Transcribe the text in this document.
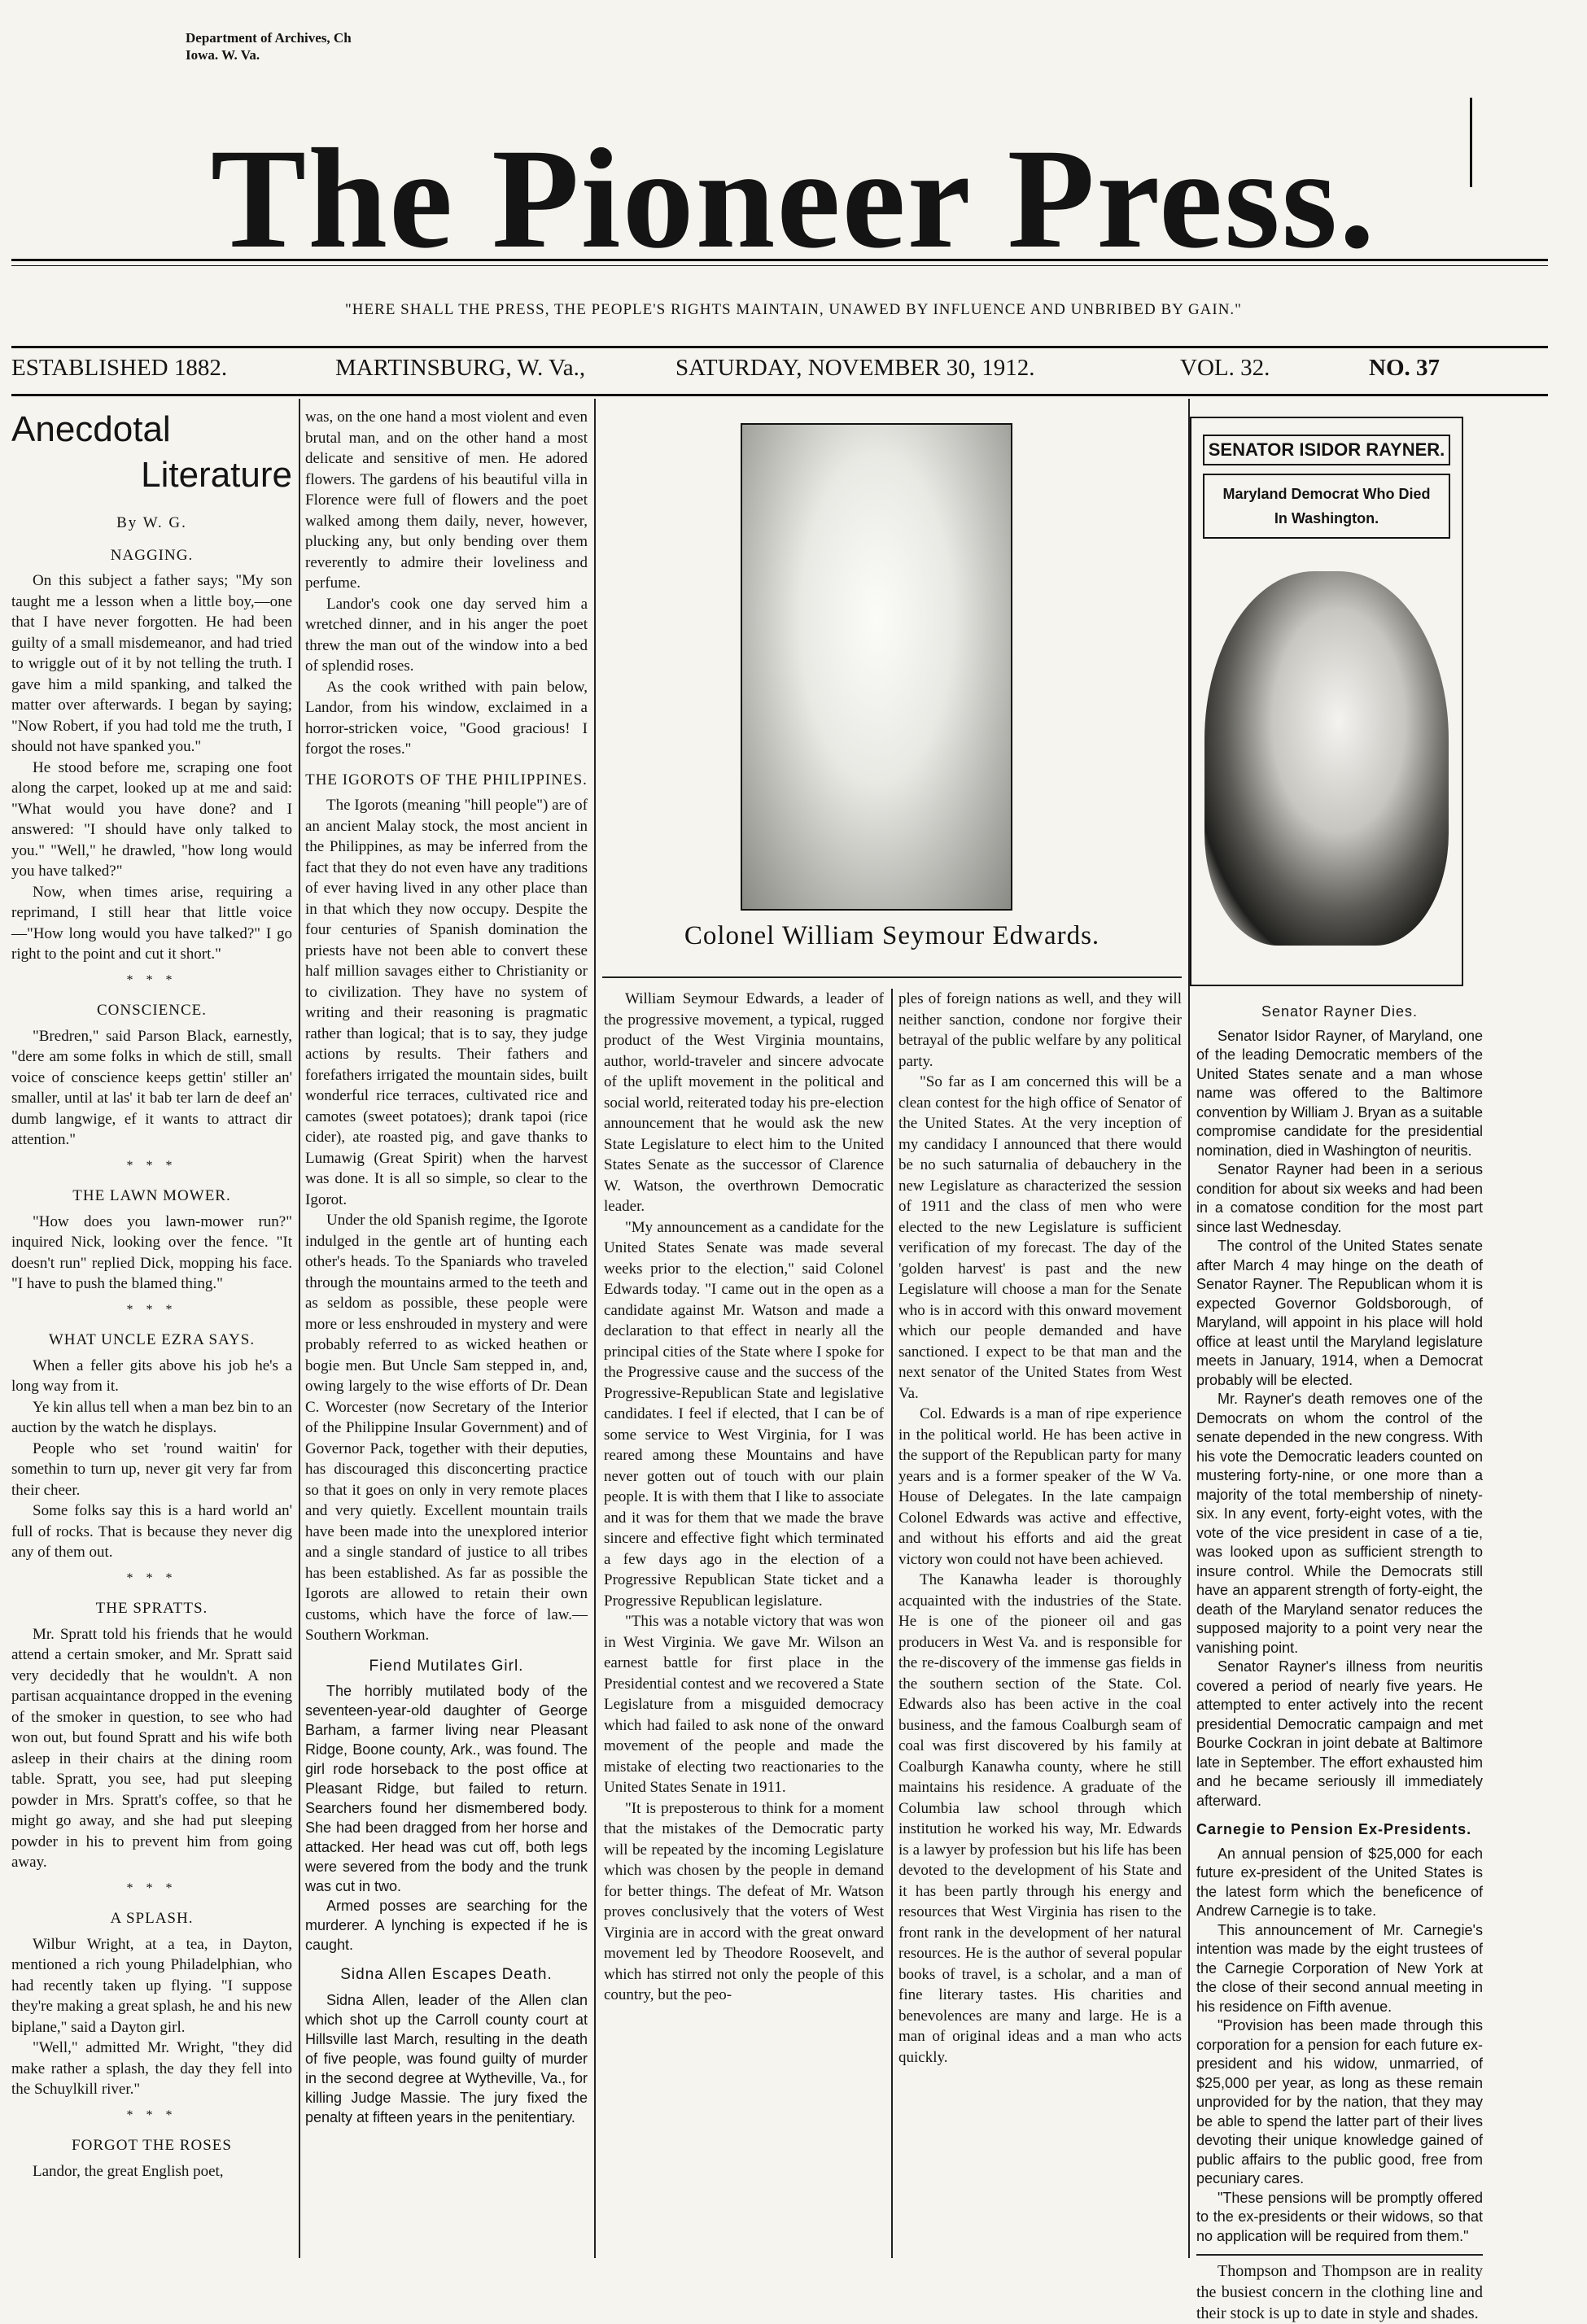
Department of Archives, Ch
Iowa. W. Va.
The Pioneer Press.
"HERE SHALL THE PRESS, THE PEOPLE'S RIGHTS MAINTAIN, UNAWED BY INFLUENCE AND UNBRIBED BY GAIN."
ESTABLISHED 1882.	MARTINSBURG, W. Va.,	SATURDAY, NOVEMBER 30, 1912.	VOL. 32.	NO. 37
Anecdotal
Literature
By W. G.
NAGGING.

On this subject a father says; "My son taught me a lesson when a little boy,—one that I have never forgotten. He had been guilty of a small misdemeanor, and had tried to wriggle out of it by not telling the truth. I gave him a mild spanking, and talked the matter over afterwards. I began by saying; "Now Robert, if you had told me the truth, I should not have spanked you."

He stood before me, scraping one foot along the carpet, looked up at me and said: "What would you have done? and I answered: "I should have only talked to you." "Well," he drawled, "how long would you have talked?"

Now, when times arise, requiring a reprimand, I still hear that little voice—"How long would you have talked?" I go right to the point and cut it short."

* * *
CONSCIENCE.

"Bredren," said Parson Black, earnestly, "dere am some folks in which de still, small voice of conscience keeps gettin' stiller an' smaller, until at las' it bab ter larn de deef an' dumb langwige, ef it wants to attract dir attention."

* * *
THE LAWN MOWER.

"How does you lawn-mower run?" inquired Nick, looking over the fence. "It doesn't run" replied Dick, mopping his face. "I have to push the blamed thing."

* * *
WHAT UNCLE EZRA SAYS.

When a feller gits above his job he's a long way from it.

Ye kin allus tell when a man bez bin to an auction by the watch he displays.

People who set 'round waitin' for somethin to turn up, never git very far from their cheer.

Some folks say this is a hard world an' full of rocks. That is because they never dig any of them out.

* * *
THE SPRATTS.

Mr. Spratt told his friends that he would attend a certain smoker, and Mr. Spratt said very decidedly that he wouldn't. A non partisan acquaintance dropped in the evening of the smoker in question, to see who had won out, but found Spratt and his wife both asleep in their chairs at the dining room table. Spratt, you see, had put sleeping powder in Mrs. Spratt's coffee, so that he might go away, and she had put sleeping powder in his to prevent him from going away.

* * *
A SPLASH.

Wilbur Wright, at a tea, in Dayton, mentioned a rich young Philadelphian, who had recently taken up flying. "I suppose they're making a great splash, he and his new biplane," said a Dayton girl.

"Well," admitted Mr. Wright, "they did make rather a splash, the day they fell into the Schuylkill river."

* * *
FORGOT THE ROSES

Landor, the great English poet,

was, on the one hand a most violent and even brutal man, and on the other hand a most delicate and sensitive of men. He adored flowers. The gardens of his beautiful villa in Florence were full of flowers and the poet walked among them daily, never, however, plucking any, but only bending over them reverently to admire their loveliness and perfume.

Landor's cook one day served him a wretched dinner, and in his anger the poet threw the man out of the window into a bed of splendid roses.

As the cook writhed with pain below, Landor, from his window, exclaimed in a horror-stricken voice, "Good gracious! I forgot the roses."

THE IGOROTS OF THE PHILIPPINES.

The Igorots (meaning "hill people") are of an ancient Malay stock, the most ancient in the Philippines, as may be inferred from the fact that they do not even have any traditions of ever having lived in any other place than in that which they now occupy. Despite the four centuries of Spanish domination the priests have not been able to convert these half million savages either to Christianity or to civilization. They have no system of writing and their reasoning is pragmatic rather than logical; that is to say, they judge actions by results. Their fathers and forefathers irrigated the mountain sides, built wonderful rice terraces, cultivated rice and camotes (sweet potatoes); drank tapoi (rice cider), ate roasted pig, and gave thanks to Lumawig (Great Spirit) when the harvest was done. It is all so simple, so clear to the Igorot.

Under the old Spanish regime, the Igorote indulged in the gentle art of hunting each other's heads. To the Spaniards who traveled through the mountains armed to the teeth and as seldom as possible, these people were more or less enshrouded in mystery and were probably referred to as wicked heathen or bogie men. But Uncle Sam stepped in, and, owing largely to the wise efforts of Dr. Dean C. Worcester (now Secretary of the Interior of the Philippine Insular Government) and of Governor Pack, together with their deputies, has discouraged this disconcerting practice so that it goes on only in very remote places and very quietly. Excellent mountain trails have been made into the unexplored interior and a single standard of justice to all tribes has been established. As far as possible the Igorots are allowed to retain their own customs, which have the force of law.—Southern Workman.

Fiend Mutilates Girl.

The horribly mutilated body of the seventeen-year-old daughter of George Barham, a farmer living near Pleasant Ridge, Boone county, Ark., was found. The girl rode horseback to the post office at Pleasant Ridge, but failed to return. Searchers found her dismembered body. She had been dragged from her horse and attacked. Her head was cut off, both legs were severed from the body and the trunk was cut in two.

Armed posses are searching for the murderer. A lynching is expected if he is caught.

Sidna Allen Escapes Death.

Sidna Allen, leader of the Allen clan which shot up the Carroll county court at Hillsville last March, resulting in the death of five people, was found guilty of murder in the second degree at Wytheville, Va., for killing Judge Massie. The jury fixed the penalty at fifteen years in the penitentiary.

Colonel William Seymour Edwards.

William Seymour Edwards, a leader of the progressive movement, a typical, rugged product of the West Virginia mountains, author, world-traveler and sincere advocate of the uplift movement in the political and social world, reiterated today his pre-election announcement that he would ask the new State Legislature to elect him to the United States Senate as the successor of Clarence W. Watson, the overthrown Democratic leader.

"My announcement as a candidate for the United States Senate was made several weeks prior to the election," said Colonel Edwards today. "I came out in the open as a candidate against Mr. Watson and made a declaration to that effect in nearly all the principal cities of the State where I spoke for the Progressive cause and the success of the Progressive-Republican State and legislative candidates. I feel if elected, that I can be of some service to West Virginia, for I was reared among these Mountains and have never gotten out of touch with our plain people. It is with them that I like to associate and it was for them that we made the brave sincere and effective fight which terminated a few days ago in the election of a Progressive Republican State ticket and a Progressive Republican legislature.

"This was a notable victory that was won in West Virginia. We gave Mr. Wilson an earnest battle for first place in the Presidential contest and we recovered a State Legislature from a misguided democracy which had failed to ask none of the onward movement of the people and made the mistake of electing two reactionaries to the United States Senate in 1911.

"It is preposterous to think for a moment that the mistakes of the Democratic party will be repeated by the incoming Legislature which was chosen by the people in demand for better things. The defeat of Mr. Watson proves conclusively that the voters of West Virginia are in accord with the great onward movement led by Theodore Roosevelt, and which has stirred not only the people of this country, but the peo-

ples of foreign nations as well, and they will neither sanction, condone nor forgive their betrayal of the public welfare by any political party.

"So far as I am concerned this will be a clean contest for the high office of Senator of the United States. At the very inception of my candidacy I announced that there would be no such saturnalia of debauchery in the new Legislature as characterized the session of 1911 and the class of men who were elected to the new Legislature is sufficient verification of my forecast. The day of the 'golden harvest' is past and the new Legislature will choose a man for the Senate who is in accord with this onward movement which our people demanded and have sanctioned. I expect to be that man and the next senator of the United States from West Va.

Col. Edwards is a man of ripe experience in the political world. He has been active in the support of the Republican party for many years and is a former speaker of the W Va. House of Delegates. In the late campaign Colonel Edwards was active and effective, and without his efforts and aid the great victory won could not have been achieved.

The Kanawha leader is thoroughly acquainted with the industries of the State. He is one of the pioneer oil and gas producers in West Va. and is responsible for the re-discovery of the immense gas fields in the southern section of the State. Col. Edwards also has been active in the coal business, and the famous Coalburgh seam of coal was first discovered by his family at Coalburgh Kanawha county, where he still maintains his residence. A graduate of the Columbia law school through which institution he worked his way, Mr. Edwards is a lawyer by profession but his life has been devoted to the development of his State and it has been partly through his energy and resources that West Virginia has risen to the front rank in the development of her natural resources. He is the author of several popular books of travel, is a scholar, and a man of fine literary tastes. His charities and benevolences are many and large. He is a man of original ideas and a man who acts quickly.

SENATOR ISIDOR RAYNER.
Maryland Democrat Who Died
In Washington.
Senator Rayner Dies.

Senator Isidor Rayner, of Maryland, one of the leading Democratic members of the United States senate and a man whose name was offered to the Baltimore convention by William J. Bryan as a suitable compromise candidate for the presidential nomination, died in Washington of neuritis.

Senator Rayner had been in a serious condition for about six weeks and had been in a comatose condition for the most part since last Wednesday.

The control of the United States senate after March 4 may hinge on the death of Senator Rayner. The Republican whom it is expected Governor Goldsborough, of Maryland, will appoint in his place will hold office at least until the Maryland legislature meets in January, 1914, when a Democrat probably will be elected.

Mr. Rayner's death removes one of the Democrats on whom the control of the senate depended in the new congress. With his vote the Democratic leaders counted on mustering forty-nine, or one more than a majority of the total membership of ninety-six. In any event, forty-eight votes, with the vote of the vice president in case of a tie, was looked upon as sufficient strength to insure control. While the Democrats still have an apparent strength of forty-eight, the death of the Maryland senator reduces the supposed majority to a point very near the vanishing point.

Senator Rayner's illness from neuritis covered a period of nearly five years. He attempted to enter actively into the recent presidential Democratic campaign and met Bourke Cockran in joint debate at Baltimore late in September. The effort exhausted him and he became seriously ill immediately afterward.

Carnegie to Pension Ex-Presidents.

An annual pension of $25,000 for each future ex-president of the United States is the latest form which the beneficence of Andrew Carnegie is to take.

This announcement of Mr. Carnegie's intention was made by the eight trustees of the Carnegie Corporation of New York at the close of their second annual meeting in his residence on Fifth avenue.

"Provision has been made through this corporation for a pension for each future ex-president and his widow, unmarried, of $25,000 per year, as long as these remain unprovided for by the nation, that they may be able to spend the latter part of their lives devoting their unique knowledge gained of public affairs to the public good, free from pecuniary cares.

"These pensions will be promptly offered to the ex-presidents or their widows, so that no application will be required from them."

Thompson and Thompson are in reality the busiest concern in the clothing line and their stock is up to date in style and shades.
